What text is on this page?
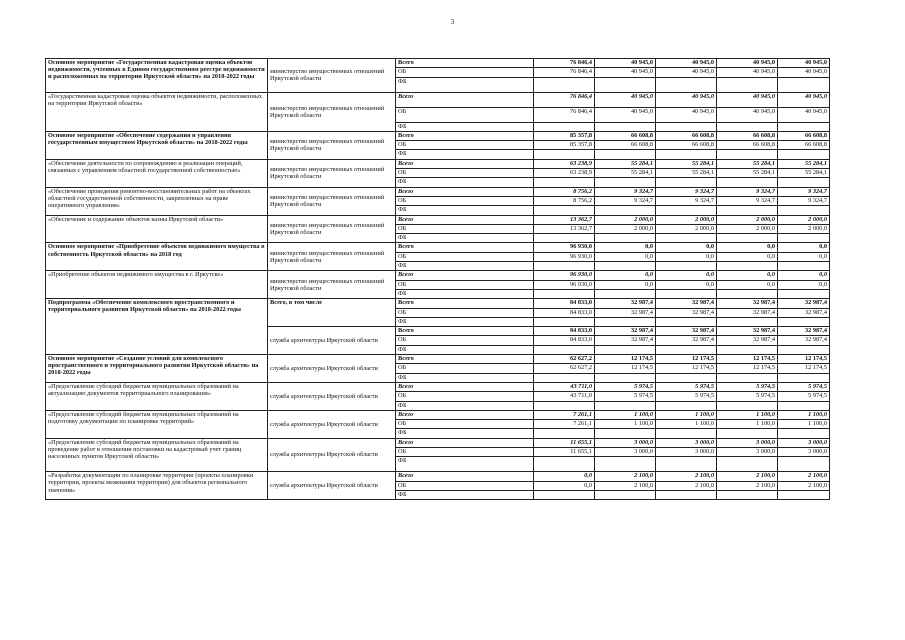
3
Основное мероприятие «Государственная кадастровая оценка объектов недвижимости, учтенных в Едином государственном реестре недвижимости и расположенных на территории Иркутской области» на 2018-2022 годы	министерство имущественных отношений Иркутской области	Всего	76 846,4	40 945,0	40 945,0	40 945,0	40 945,0
		ОБ	76 846,4	40 945,0	40 945,0	40 945,0	40 945,0
		ФБ					
«Государственная кадастровая оценка объектов недвижимости, расположенных на территории Иркутской области»	министерство имущественных отношений Иркутской области	Всего	76 846,4	40 945,0	40 945,0	40 945,0	40 945,0
		ОБ	76 846,4	40 945,0	40 945,0	40 945,0	40 945,0
		ФБ					
Основное мероприятие «Обеспечение содержания и управления государственным имуществом Иркутской области» на 2018-2022 годы	министерство имущественных отношений Иркутской области	Всего	85 357,8	66 608,8	66 608,8	66 608,8	66 608,8
		ОБ	85 357,8	66 608,8	66 608,8	66 608,8	66 608,8
		ФБ					
«Обеспечение деятельности по сопровождению и реализации операций, связанных с управлением областной государственной собственностью»	министерство имущественных отношений Иркутской области	Всего	63 238,9	55 284,1	55 284,1	55 284,1	55 284,1
		ОБ	63 238,9	55 284,1	55 284,1	55 284,1	55 284,1
		ФБ					
«Обеспечение проведения ремонтно-восстановительных работ на объектах областной государственной собственности, закрепленных на праве оперативного управления»	министерство имущественных отношений Иркутской области	Всего	8 756,2	9 324,7	9 324,7	9 324,7	9 324,7
		ОБ	8 756,2	9 324,7	9 324,7	9 324,7	9 324,7
		ФБ					
«Обеспечение и содержание объектов казны Иркутской области»	министерство имущественных отношений Иркутской области	Всего	13 362,7	2 000,0	2 000,0	2 000,0	2 000,0
		ОБ	13 362,7	2 000,0	2 000,0	2 000,0	2 000,0
		ФБ					
Основное мероприятие «Приобретение объектов недвижимого имущества в собственность Иркутской области» на 2018 год	министерство имущественных отношений Иркутской области	Всего	96 930,0	0,0	0,0	0,0	0,0
		ОБ	96 930,0	0,0	0,0	0,0	0,0
		ФБ					
«Приобретение объектов недвижимого имущества в г. Иркутске»	министерство имущественных отношений Иркутской области	Всего	96 930,0	0,0	0,0	0,0	0,0
		ОБ	96 930,0	0,0	0,0	0,0	0,0
		ФБ					
Подпрограмма «Обеспечение комплексного пространственного и территориального развития Иркутской области» на 2018-2022 годы	Всего, в том числе	Всего	84 833,0	32 987,4	32 987,4	32 987,4	32 987,4
		ОБ	84 833,0	32 987,4	32 987,4	32 987,4	32 987,4
		ФБ					
	служба архитектуры Иркутской области	Всего	84 833,0	32 987,4	32 987,4	32 987,4	32 987,4
		ОБ	84 833,0	32 987,4	32 987,4	32 987,4	32 987,4
		ФБ					
Основное мероприятие «Создание условий для комплексного пространственного и территориального развития Иркутской области» на 2018-2022 годы	служба архитектуры Иркутской области	Всего	62 627,2	12 174,5	12 174,5	12 174,5	12 174,5
		ОБ	62 627,2	12 174,5	12 174,5	12 174,5	12 174,5
		ФБ					
«Предоставление субсидий бюджетам муниципальных образований на актуализацию документов территориального планирования»	служба архитектуры Иркутской области	Всего	43 711,0	5 974,5	5 974,5	5 974,5	5 974,5
		ОБ	43 711,0	5 974,5	5 974,5	5 974,5	5 974,5
		ФБ					
«Предоставление субсидий бюджетам муниципальных образований на подготовку документации по планировке территорий»	служба архитектуры Иркутской области	Всего	7 261,1	1 100,0	1 100,0	1 100,0	1 100,0
		ОБ	7 261,1	1 100,0	1 100,0	1 100,0	1 100,0
		ФБ					
«Предоставление субсидий бюджетам муниципальных образований на проведение работ в отношении постановки на кадастровый учет границ населенных пунктов Иркутской области»	служба архитектуры Иркутской области	Всего	11 655,1	3 000,0	3 000,0	3 000,0	3 000,0
		ОБ	11 655,1	3 000,0	3 000,0	3 000,0	3 000,0
		ФБ					
«Разработка документации по планировке территории (проекты планировки территории, проекты межевания территории) для объектов регионального значения»	служба архитектуры Иркутской области	Всего	0,0	2 100,0	2 100,0	2 100,0	2 100,0
		ОБ	0,0	2 100,0	2 100,0	2 100,0	2 100,0
		ФБ					
